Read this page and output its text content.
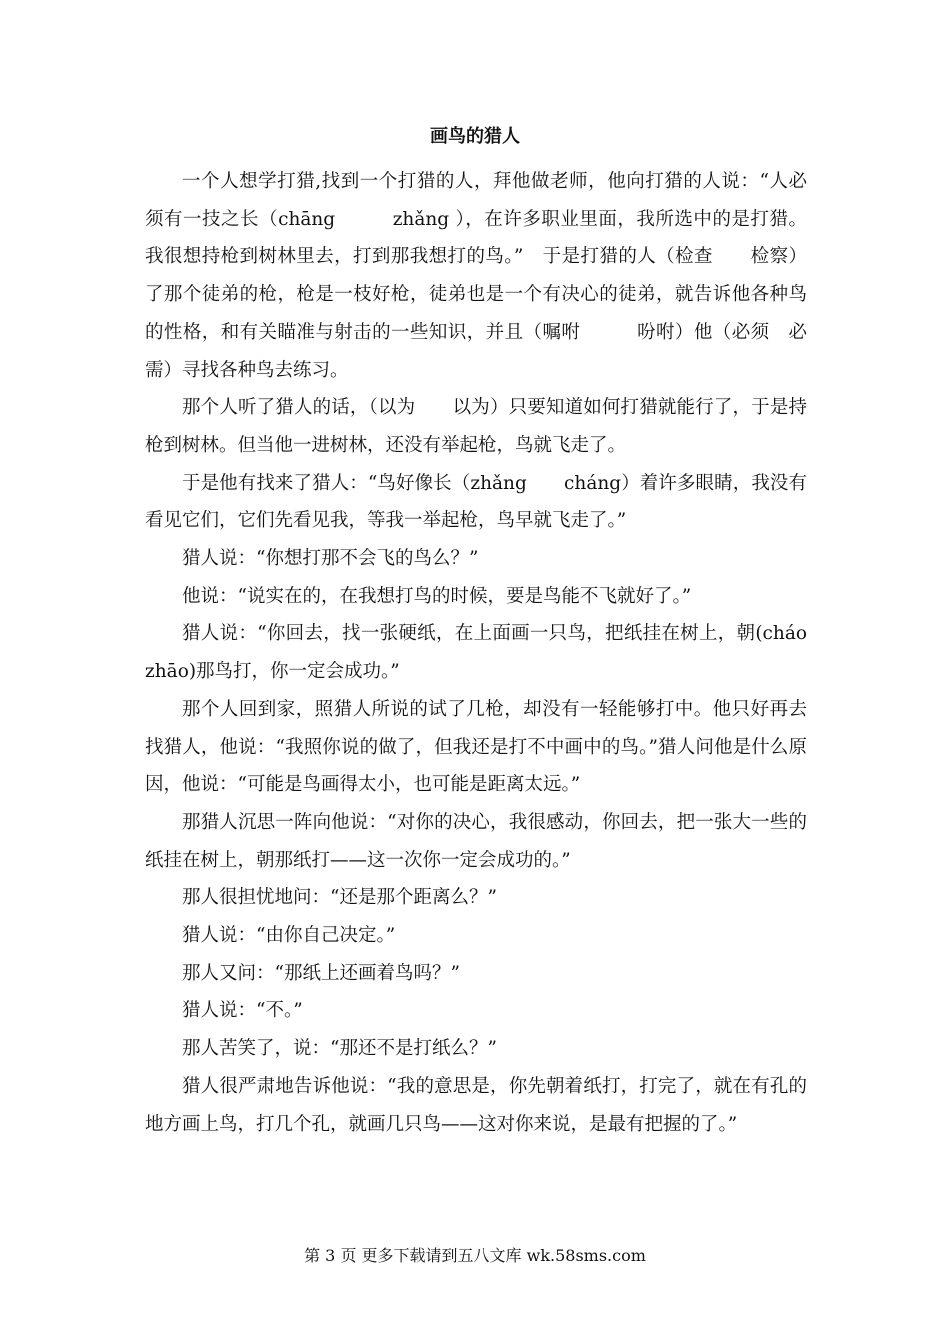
画鸟的猎人

一个人想学打猎,找到一个打猎的人，拜他做老师，他向打猎的人说：“人必须有一技之长（chāng　　　zhǎng ），在许多职业里面，我所选中的是打猎。我很想持枪到树林里去，打到那我想打的鸟。”　于是打猎的人（检查　　检察）了那个徒弟的枪，枪是一枝好枪，徒弟也是一个有决心的徒弟，就告诉他各种鸟的性格，和有关瞄准与射击的一些知识，并且（嘱咐　　　吩咐）他（必须　必需）寻找各种鸟去练习。

那个人听了猎人的话，（以为　　以为）只要知道如何打猎就能行了，于是持枪到树林。但当他一进树林，还没有举起枪，鸟就飞走了。

于是他有找来了猎人：“鸟好像长（zhǎng　　cháng）着许多眼睛，我没有看见它们，它们先看见我，等我一举起枪，鸟早就飞走了。”

猎人说：“你想打那不会飞的鸟么？”

他说：“说实在的，在我想打鸟的时候，要是鸟能不飞就好了。”

猎人说：“你回去，找一张硬纸，在上面画一只鸟，把纸挂在树上，朝(cháo　　zhāo)那鸟打，你一定会成功。”

那个人回到家，照猎人所说的试了几枪，却没有一轻能够打中。他只好再去找猎人，他说：“我照你说的做了，但我还是打不中画中的鸟。”猎人问他是什么原因，他说：“可能是鸟画得太小，也可能是距离太远。”

那猎人沉思一阵向他说：“对你的决心，我很感动，你回去，把一张大一些的纸挂在树上，朝那纸打——这一次你一定会成功的。”

那人很担忧地问：“还是那个距离么？”

猎人说：“由你自己决定。”

那人又问：“那纸上还画着鸟吗？”

猎人说：“不。”

那人苦笑了，说：“那还不是打纸么？”

猎人很严肃地告诉他说：“我的意思是，你先朝着纸打，打完了，就在有孔的地方画上鸟，打几个孔，就画几只鸟——这对你来说，是最有把握的了。”

第 3 页 更多下载请到五八文库 wk.58sms.com
